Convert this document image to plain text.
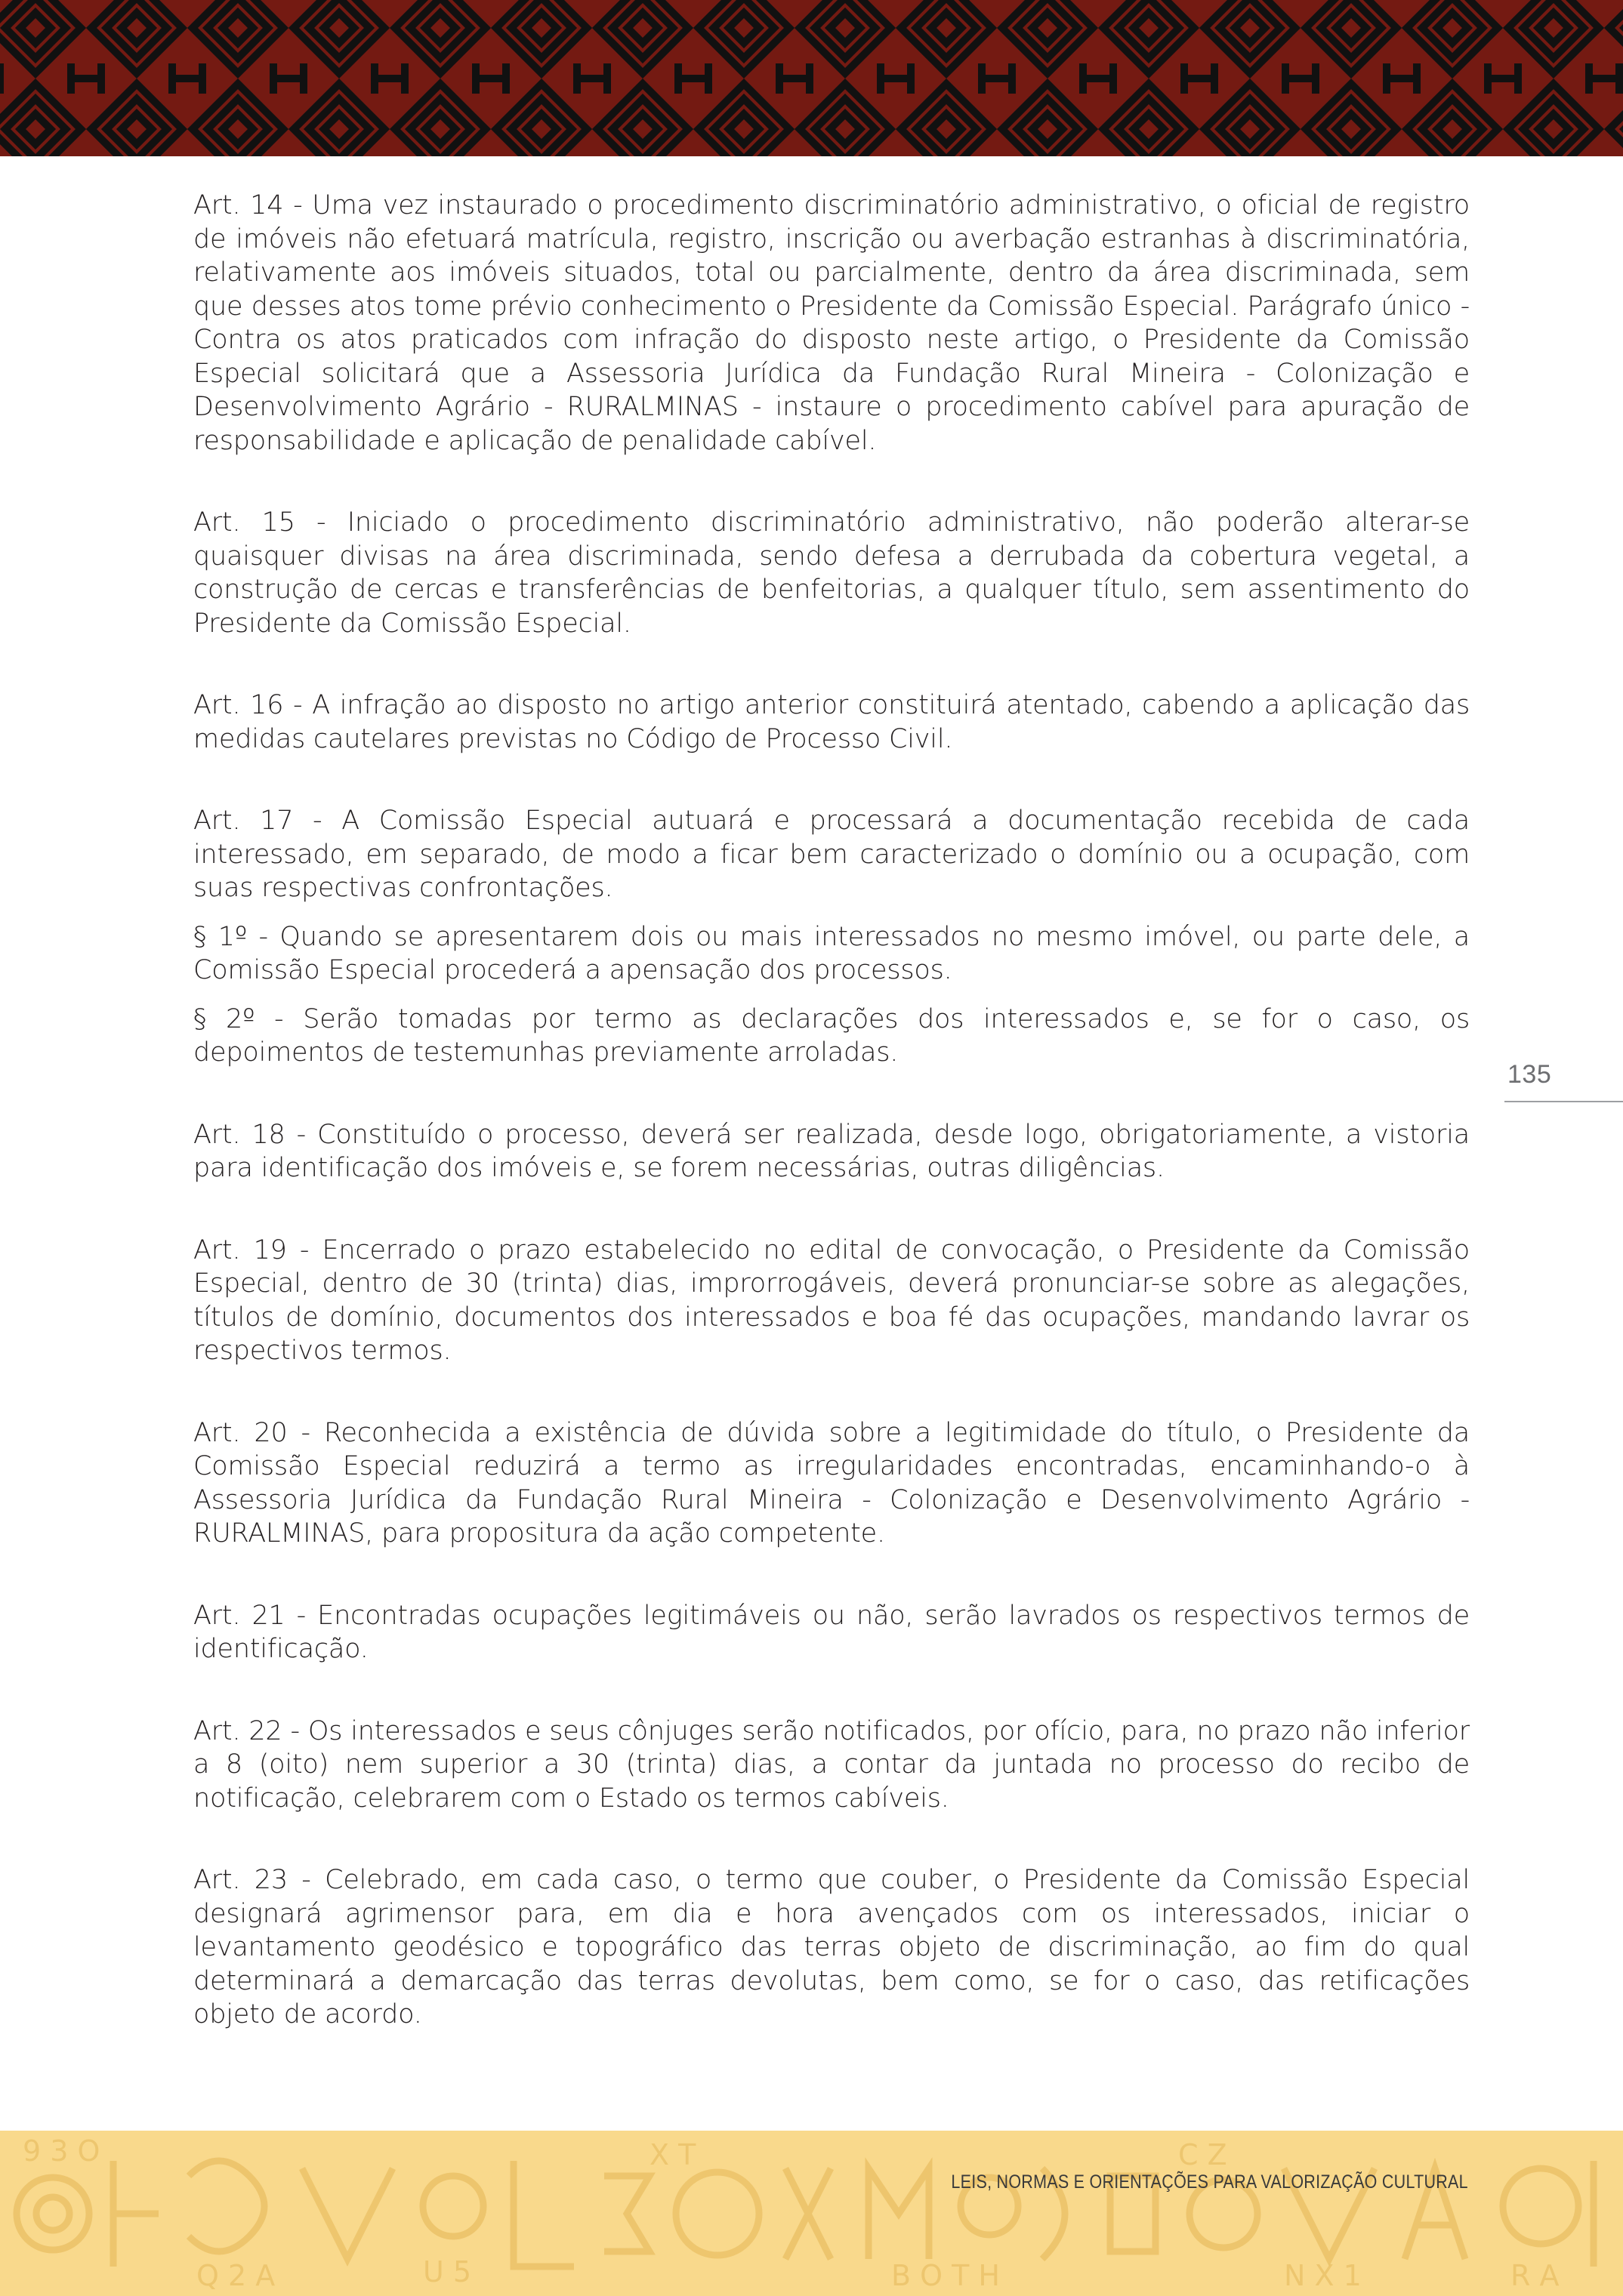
Art. 14 - Uma vez instaurado o procedimento discriminatório administrativo, o oficial de registro de imóveis não efetuará matrícula, registro, inscrição ou averbação estranhas à discriminatória, relativamente aos imóveis situados, total ou parcialmente, dentro da área discriminada, sem que desses atos tome prévio conhecimento o Presidente da Comissão Especial. Parágrafo único - Contra os atos praticados com infração do disposto neste artigo, o Presidente da Comissão Especial solicitará que a Assessoria Jurídica da Fundação Rural Mineira - Colonização e Desenvolvimento Agrário - RURALMINAS - instaure o procedimento cabível para apuração de responsabilidade e aplicação de penalidade cabível.

Art. 15 - Iniciado o procedimento discriminatório administrativo, não poderão alterar-se quaisquer divisas na área discriminada, sendo defesa a derrubada da cobertura vegetal, a construção de cercas e transferências de benfeitorias, a qualquer título, sem assentimento do Presidente da Comissão Especial.

Art. 16 - A infração ao disposto no artigo anterior constituirá atentado, cabendo a aplicação das medidas cautelares previstas no Código de Processo Civil.

Art. 17 - A Comissão Especial autuará e processará a documentação recebida de cada interessado, em separado, de modo a ficar bem caracterizado o domínio ou a ocupação, com suas respectivas confrontações.

§ 1º - Quando se apresentarem dois ou mais interessados no mesmo imóvel, ou parte dele, a Comissão Especial procederá a apensação dos processos.

§ 2º - Serão tomadas por termo as declarações dos interessados e, se for o caso, os depoimentos de testemunhas previamente arroladas.

Art. 18 - Constituído o processo, deverá ser realizada, desde logo, obrigatoriamente, a vistoria para identificação dos imóveis e, se forem necessárias, outras diligências.

Art. 19 - Encerrado o prazo estabelecido no edital de convocação, o Presidente da Comissão Especial, dentro de 30 (trinta) dias, improrrogáveis, deverá pronunciar-se sobre as alegações, títulos de domínio, documentos dos interessados e boa fé das ocupações, mandando lavrar os respectivos termos.

Art. 20 - Reconhecida a existência de dúvida sobre a legitimidade do título, o Presidente da Comissão Especial reduzirá a termo as irregularidades encontradas, encaminhando-o à Assessoria Jurídica da Fundação Rural Mineira - Colonização e Desenvolvimento Agrário - RURALMINAS, para propositura da ação competente.

Art. 21 - Encontradas ocupações legitimáveis ou não, serão lavrados os respectivos termos de identificação.

Art. 22 - Os interessados e seus cônjuges serão notificados, por ofício, para, no prazo não inferior a 8 (oito) nem superior a 30 (trinta) dias, a contar da juntada no processo do recibo de notificação, celebrarem com o Estado os termos cabíveis.

Art. 23 - Celebrado, em cada caso, o termo que couber, o Presidente da Comissão Especial designará agrimensor para, em dia e hora avençados com os interessados, iniciar o levantamento geodésico e topográfico das terras objeto de discriminação, ao fim do qual determinará a demarcação das terras devolutas, bem como, se for o caso, das retificações objeto de acordo.

135
9 3 O
Q 2 A	U 5
X T
B O T H
C Z
N X 1	R A
LEIS, NORMAS E ORIENTAÇÕES PARA VALORIZAÇÃO CULTURAL
